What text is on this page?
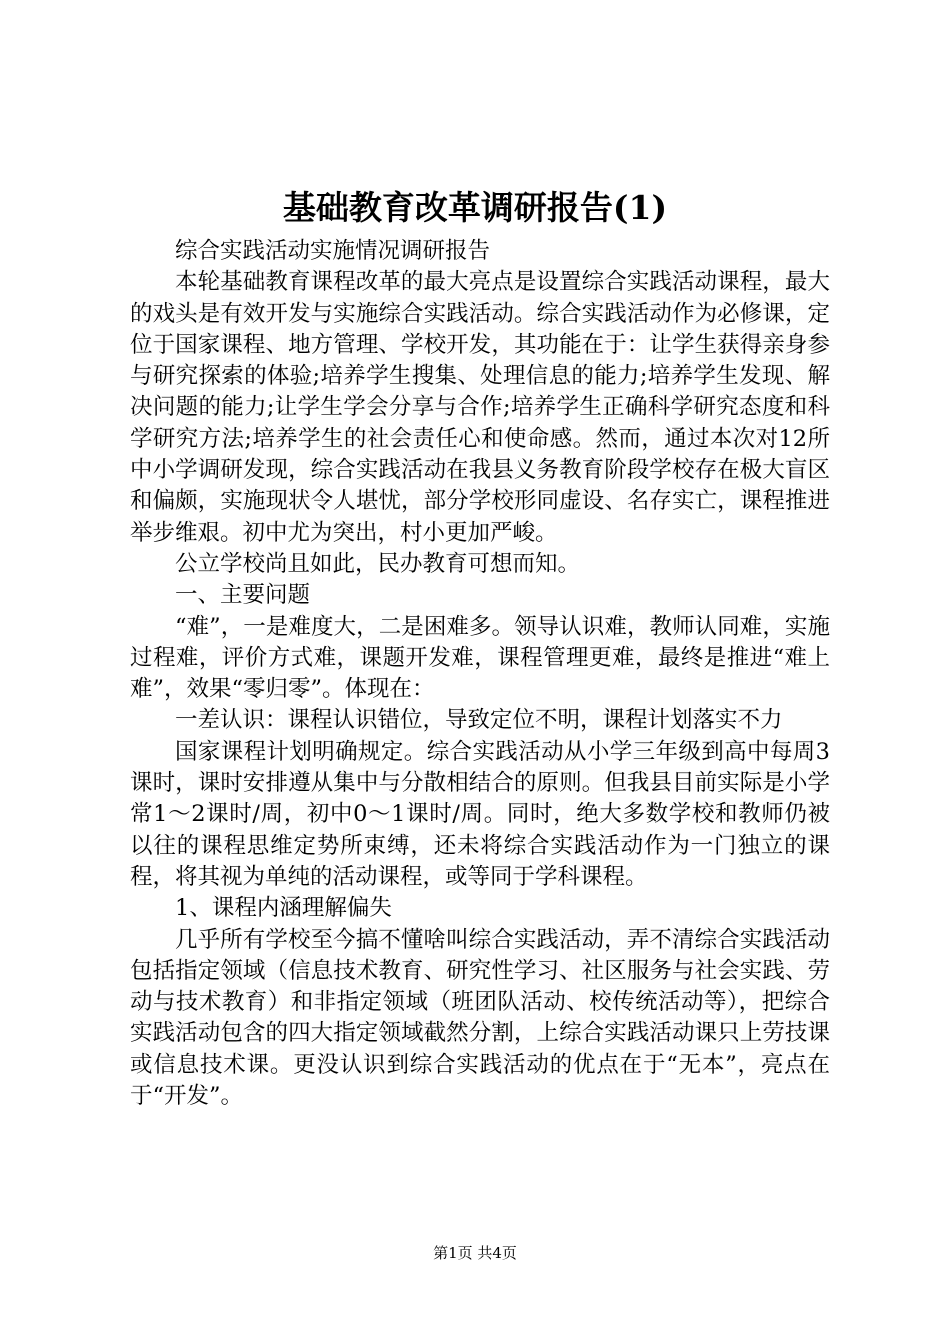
基础教育改革调研报告(1)

综合实践活动实施情况调研报告

本轮基础教育课程改革的最大亮点是设置综合实践活动课程，最大的戏头是有效开发与实施综合实践活动。综合实践活动作为必修课，定位于国家课程、地方管理、学校开发，其功能在于：让学生获得亲身参与研究探索的体验;培养学生搜集、处理信息的能力;培养学生发现、解决问题的能力;让学生学会分享与合作;培养学生正确科学研究态度和科学研究方法;培养学生的社会责任心和使命感。然而，通过本次对12所中小学调研发现，综合实践活动在我县义务教育阶段学校存在极大盲区和偏颇，实施现状令人堪忧，部分学校形同虚设、名存实亡，课程推进举步维艰。初中尤为突出，村小更加严峻。

公立学校尚且如此，民办教育可想而知。

一、主要问题

“难”，一是难度大，二是困难多。领导认识难，教师认同难，实施过程难，评价方式难，课题开发难，课程管理更难，最终是推进“难上难”，效果“零归零”。体现在：

一差认识：课程认识错位，导致定位不明，课程计划落实不力

国家课程计划明确规定。综合实践活动从小学三年级到高中每周3课时，课时安排遵从集中与分散相结合的原则。但我县目前实际是小学常1～2课时/周，初中0～1课时/周。同时，绝大多数学校和教师仍被以往的课程思维定势所束缚，还未将综合实践活动作为一门独立的课程，将其视为单纯的活动课程，或等同于学科课程。

1、课程内涵理解偏失

几乎所有学校至今搞不懂啥叫综合实践活动，弄不清综合实践活动包括指定领域（信息技术教育、研究性学习、社区服务与社会实践、劳动与技术教育）和非指定领域（班团队活动、校传统活动等），把综合实践活动包含的四大指定领域截然分割，上综合实践活动课只上劳技课或信息技术课。更没认识到综合实践活动的优点在于“无本”，亮点在于“开发”。

第1页 共4页
